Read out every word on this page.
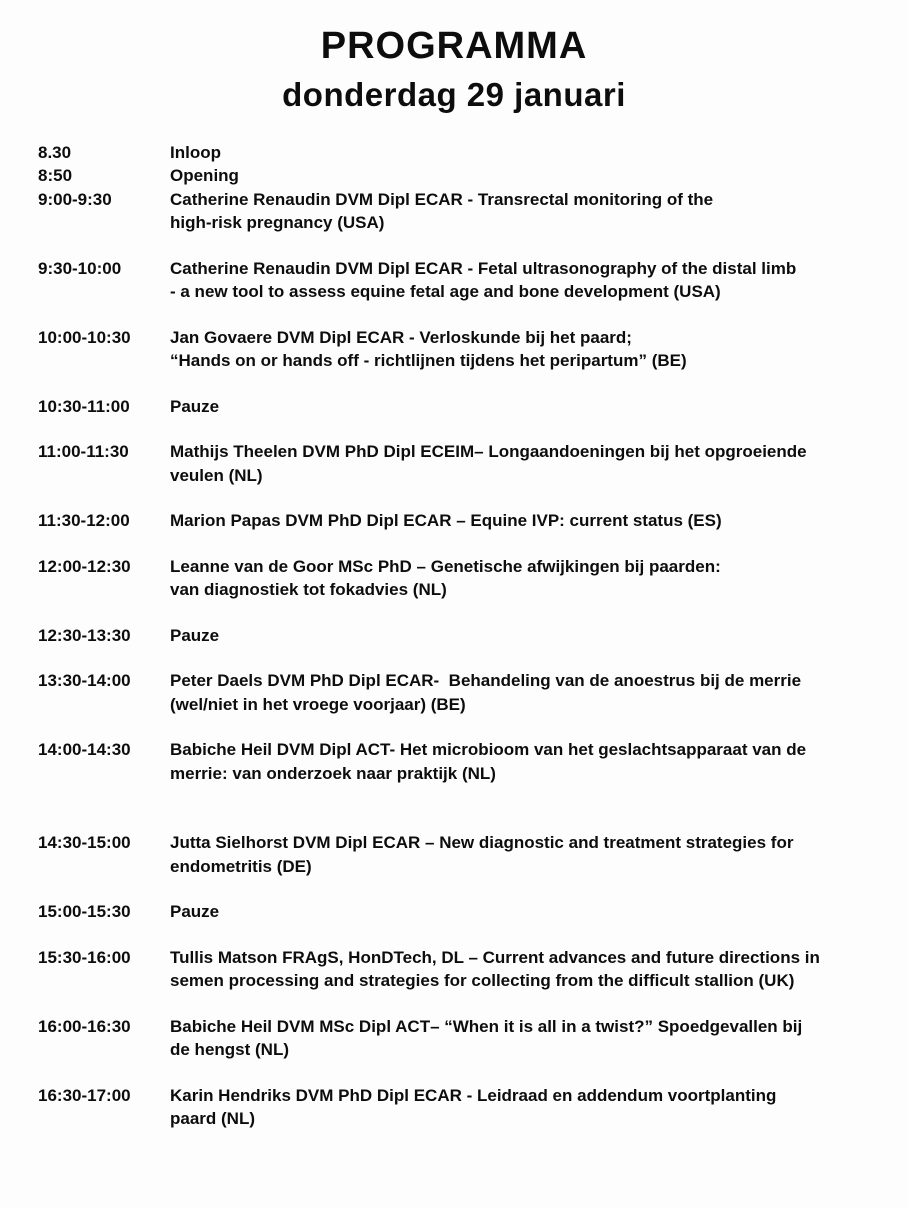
PROGRAMMA
donderdag 29 januari
8.30	Inloop
8:50	Opening
9:00-9:30	Catherine Renaudin DVM Dipl ECAR - Transrectal monitoring of the
high-risk pregnancy (USA)
9:30-10:00	Catherine Renaudin DVM Dipl ECAR - Fetal ultrasonography of the distal limb
- a new tool to assess equine fetal age and bone development (USA)
10:00-10:30	Jan Govaere DVM Dipl ECAR - Verloskunde bij het paard;
“Hands on or hands off - richtlijnen tijdens het peripartum” (BE)
10:30-11:00	Pauze
11:00-11:30	Mathijs Theelen DVM PhD Dipl ECEIM– Longaandoeningen bij het opgroeiende
veulen (NL)
11:30-12:00	Marion Papas DVM PhD Dipl ECAR – Equine IVP: current status (ES)
12:00-12:30	Leanne van de Goor MSc PhD – Genetische afwijkingen bij paarden:
van diagnostiek tot fokadvies (NL)
12:30-13:30	Pauze
13:30-14:00	Peter Daels DVM PhD Dipl ECAR-  Behandeling van de anoestrus bij de merrie
(wel/niet in het vroege voorjaar) (BE)
14:00-14:30	Babiche Heil DVM Dipl ACT- Het microbioom van het geslachtsapparaat van de
merrie: van onderzoek naar praktijk (NL)
14:30-15:00	Jutta Sielhorst DVM Dipl ECAR – New diagnostic and treatment strategies for
endometritis (DE)
15:00-15:30	Pauze
15:30-16:00	Tullis Matson FRAgS, HonDTech, DL – Current advances and future directions in
semen processing and strategies for collecting from the difficult stallion (UK)
16:00-16:30	Babiche Heil DVM MSc Dipl ACT– “When it is all in a twist?” Spoedgevallen bij
de hengst (NL)
16:30-17:00	Karin Hendriks DVM PhD Dipl ECAR - Leidraad en addendum voortplanting
paard (NL)
